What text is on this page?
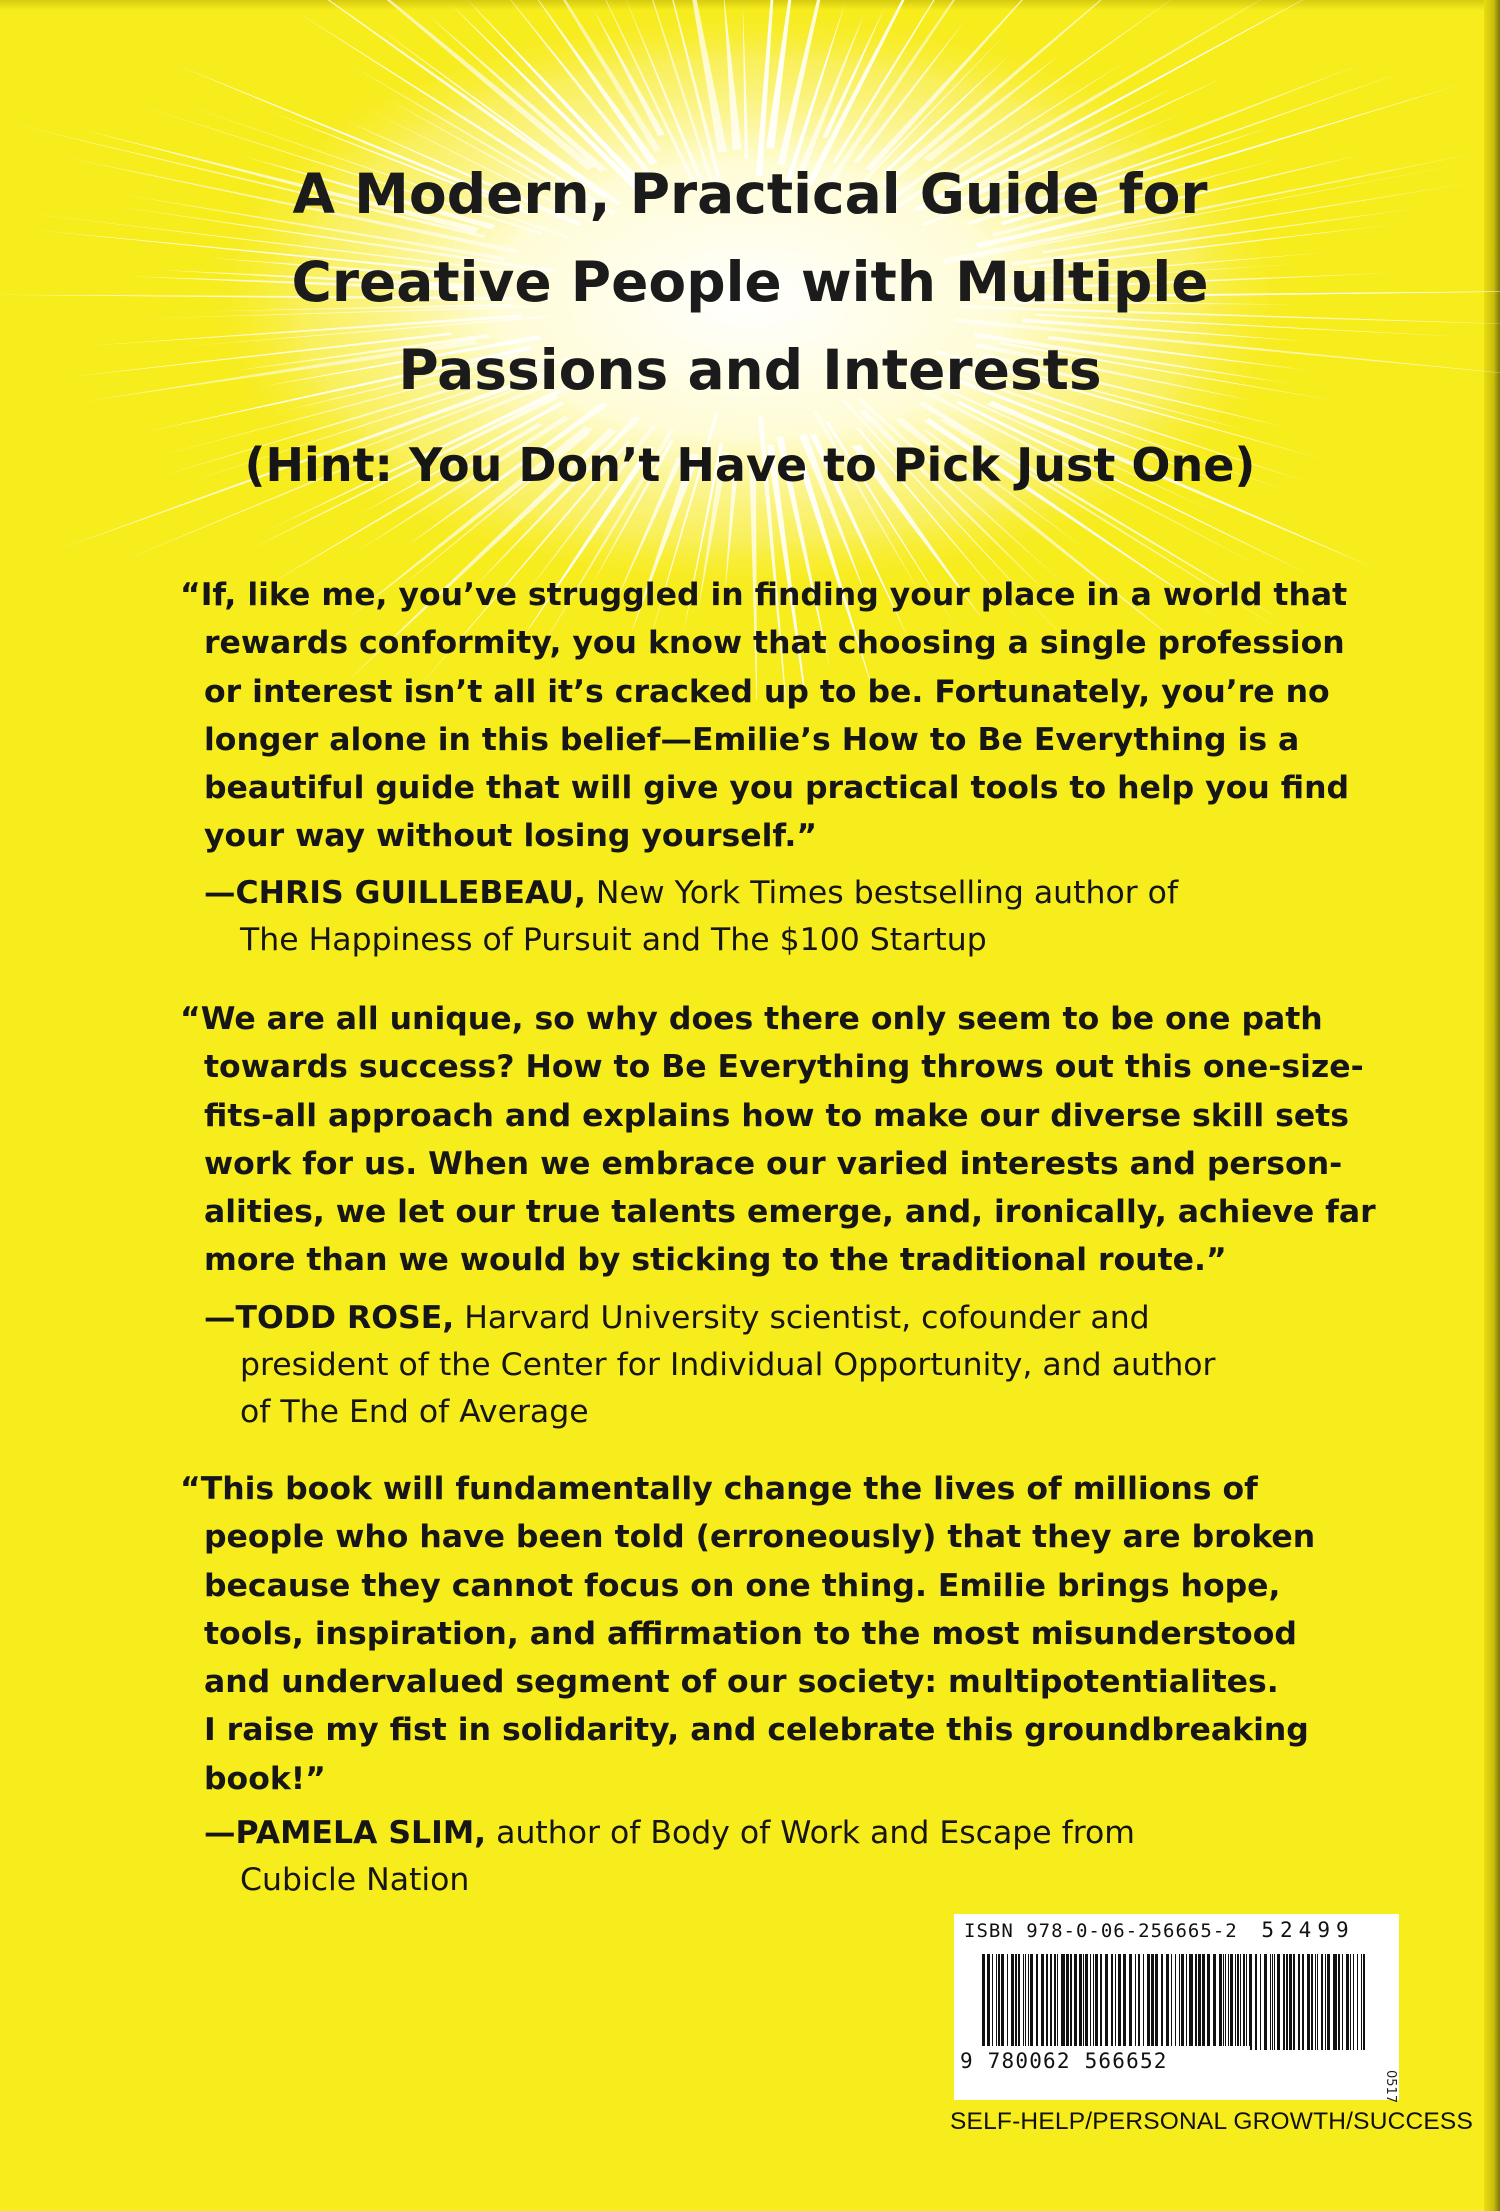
A Modern, Practical Guide for
Creative People with Multiple
Passions and Interests

(Hint: You Don’t Have to Pick Just One)

“If, like me, you’ve struggled in finding your place in a world that
rewards conformity, you know that choosing a single profession
or interest isn’t all it’s cracked up to be. Fortunately, you’re no
longer alone in this belief—Emilie’s How to Be Everything is a
beautiful guide that will give you practical tools to help you find
your way without losing yourself.”
—CHRIS GUILLEBEAU, New York Times bestselling author of
The Happiness of Pursuit and The $100 Startup
“We are all unique, so why does there only seem to be one path
towards success? How to Be Everything throws out this one-size-
fits-all approach and explains how to make our diverse skill sets
work for us. When we embrace our varied interests and person-
alities, we let our true talents emerge, and, ironically, achieve far
more than we would by sticking to the traditional route.”
—TODD ROSE, Harvard University scientist, cofounder and
president of the Center for Individual Opportunity, and author
of The End of Average
“This book will fundamentally change the lives of millions of
people who have been told (erroneously) that they are broken
because they cannot focus on one thing. Emilie brings hope,
tools, inspiration, and affirmation to the most misunderstood
and undervalued segment of our society: multipotentialites.
I raise my fist in solidarity, and celebrate this groundbreaking
book!”
—PAMELA SLIM, author of Body of Work and Escape from
Cubicle Nation
ISBN 978-0-06-256665-2	52499
9 780062 566652
0517

SELF-HELP/PERSONAL GROWTH/SUCCESS
